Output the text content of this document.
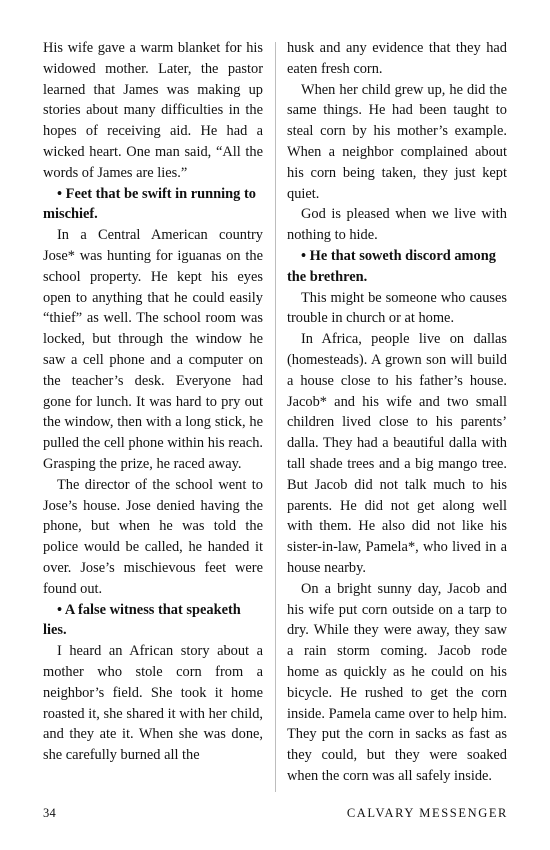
His wife gave a warm blanket for his widowed mother. Later, the pastor learned that James was making up stories about many difficulties in the hopes of receiving aid. He had a wicked heart. One man said, “All the words of James are lies.”

• Feet that be swift in running to mischief.

In a Central American country Jose* was hunting for iguanas on the school property. He kept his eyes open to anything that he could easily “thief” as well. The school room was locked, but through the window he saw a cell phone and a computer on the teacher’s desk. Everyone had gone for lunch. It was hard to pry out the window, then with a long stick, he pulled the cell phone within his reach. Grasping the prize, he raced away.

The director of the school went to Jose’s house. Jose denied having the phone, but when he was told the police would be called, he handed it over. Jose’s mischievous feet were found out.

• A false witness that speaketh lies.

I heard an African story about a mother who stole corn from a neighbor’s field. She took it home roasted it, she shared it with her child, and they ate it. When she was done, she carefully burned all the

husk and any evidence that they had eaten fresh corn.

When her child grew up, he did the same things. He had been taught to steal corn by his mother’s example. When a neighbor complained about his corn being taken, they just kept quiet.

God is pleased when we live with nothing to hide.

• He that soweth discord among the brethren.

This might be someone who causes trouble in church or at home.

In Africa, people live on dallas (homesteads). A grown son will build a house close to his father’s house. Jacob* and his wife and two small children lived close to his parents’ dalla. They had a beautiful dalla with tall shade trees and a big mango tree. But Jacob did not talk much to his parents. He did not get along well with them. He also did not like his sister-in-law, Pamela*, who lived in a house nearby.

On a bright sunny day, Jacob and his wife put corn outside on a tarp to dry. While they were away, they saw a rain storm coming. Jacob rode home as quickly as he could on his bicycle. He rushed to get the corn inside. Pamela came over to help him. They put the corn in sacks as fast as they could, but they were soaked when the corn was all safely inside.

34	CALVARY MESSENGER
